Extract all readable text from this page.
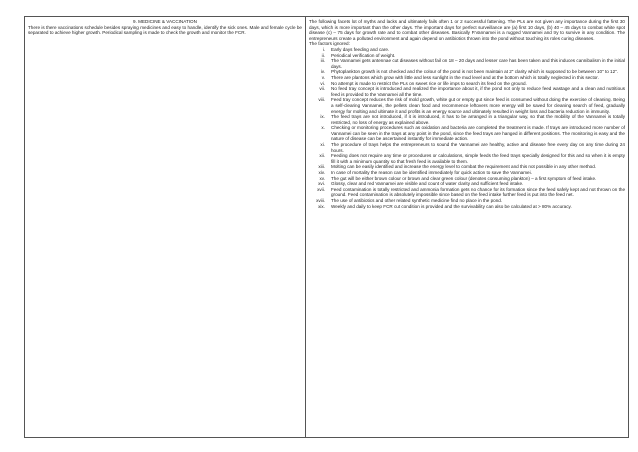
9. MEDICINE & VACCINATION
There is there vaccinations schedule besides spraying medicines and easy to handle, identify the sick ones. Male and female cycle be separated to achieve higher growth. Periodical sampling is made to check the growth and monitor the FCR.

The following facets lot of myths and lacks and ultimately fails often 1 or 2 successful fattening. The PLs are not given any importance during the first 30 days, which is more important than the other days. The important days for perfect surveillance are (a) first 10 days, (b) 40 – 45 days to combat white spot disease (c) – 75 days for growth rate and to combat other diseases. Basically P.Vannamei is a rugged Vannamei and try to survive in any condition. The entrepreneurs create a polluted environment and again depend on antibiotics thrown into the pond without touching its roles curing diseases.

The factors ignored:

i.	Early days feeding and care.
ii.	Periodical verification of weight.
iii.	The Vannamei gets antennae cut diseases without fail on 18 – 20 days and lesser care has been taken and this induces cannibalism in the initial days.
iv.	Phytoplankton growth is not checked and the colour of the pond is not been maintain at 2" clarity which is supposed to be between 10" to 12".
v.	There are plantons which grow with little and less sunlight in the mud level and at the bottom which is totally neglected in this sector.
vi.	No attempt is made to restrict the PLs on sweet rice or life imps to search its feed on the ground.
vii.	No feed tray concept is introduced and realized the importance about it, if the pond not only to reduce feed wastage and a clean and nutritious feed is provided to the Vannamei all the time.
viii.	Feed tray concept reduces the risk of mold growth, white gut or empty gut since feed is consumed without doing the exercise of cleaning. Being a self-clearing Vannamei, the pellets clean food and recommence leftovers more energy will be saved for cleaning search of feed, gradually energy for molting and ultimate it and profits is an energy source and ultimately resulted in weight loss and bacteria reduction in immunity.
ix.	The feed trays are not introduced, if it is introduced, it has to be arranged in a triangular way, so that the mobility of the Vannamei is totally restricted, no loss of energy as explained above.
x.	Checking or monitoring procedures such as oxidation and bacteria are completed the treatment is made. If trays are introduced more number of Vannamei can be seen in the trays at any point in the pond, since the feed trays are hanged in different positions. The monitoring is easy and the nature of disease can be ascertained instantly for immediate action.
xi.	The procedure of trays helps the entrepreneurs to sound the Vannamei are healthy, active and disease free every day on any time during 24 hours.
xii.	Feeding does not require any time or procedures or calculations, simple feeds the feed trays specially designed for this and so when it is empty fill it with a minimum quantity so that fresh feed is available to them.
xiii.	Molting can be easily identified and increase the energy level to combat the requirement and this not possible in any other method.
xiv.	In case of mortality the reason can be identified immediately for quick action to save the Vannamei.
xv.	The gut will be either brown colour or brown and clear green colour (denotes consuming plankton) – a first symptom of feed intake.
xvi.	Glossy, clear and red Vannamei are visible and count of water clarity and sufficient feed intake.
xvii.	Feed contamination is totally restricted and ammonia formation gets no chance for its formation since the feed safely kept and not thrown on the ground. Feed contamination is absolutely impossible since based on the feed intake further feed is put into the feed net.
xviii.	The use of antibiotics and other related synthetic medicine find no place in the pond.
xix.	Weekly and daily to keep FCR cut condition is provided and the survivability can also be calculated at > 80% accuracy.
